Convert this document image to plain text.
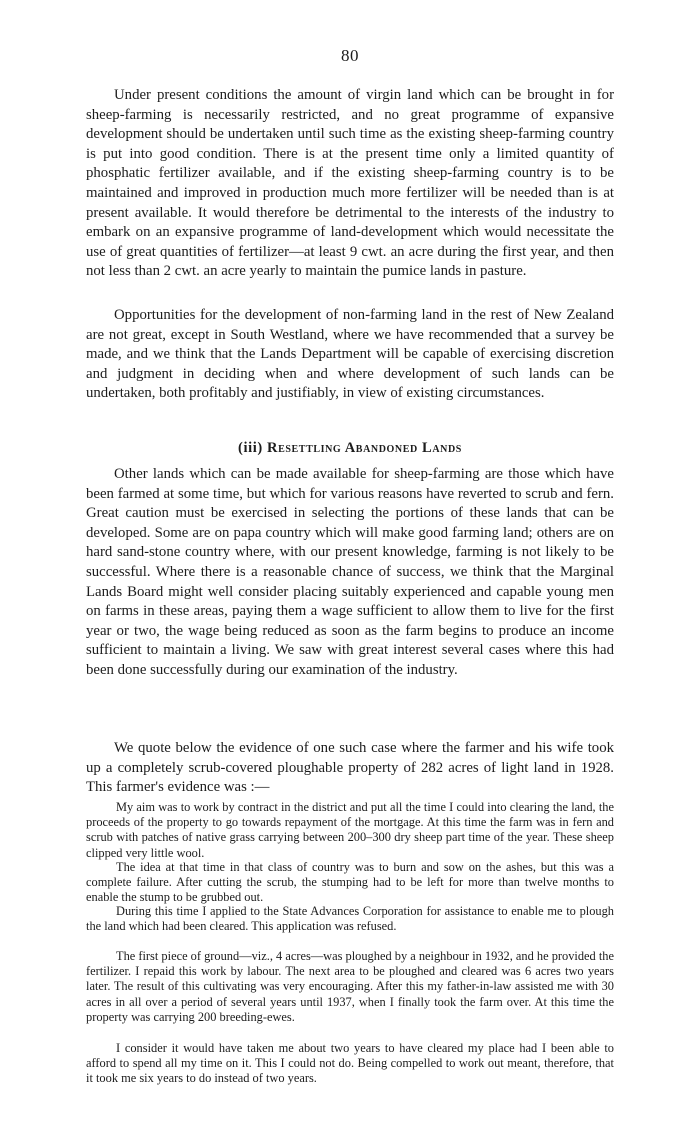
80

Under present conditions the amount of virgin land which can be brought in for sheep-farming is necessarily restricted, and no great programme of expansive development should be undertaken until such time as the existing sheep-farming country is put into good condition. There is at the present time only a limited quantity of phosphatic fertilizer available, and if the existing sheep-farming country is to be maintained and improved in production much more fertilizer will be needed than is at present available. It would therefore be detrimental to the interests of the industry to embark on an expansive programme of land-development which would necessitate the use of great quantities of fertilizer—at least 9 cwt. an acre during the first year, and then not less than 2 cwt. an acre yearly to maintain the pumice lands in pasture.

Opportunities for the development of non-farming land in the rest of New Zealand are not great, except in South Westland, where we have recommended that a survey be made, and we think that the Lands Department will be capable of exercising discretion and judgment in deciding when and where development of such lands can be undertaken, both profitably and justifiably, in view of existing circumstances.

(iii) Resettling Abandoned Lands

Other lands which can be made available for sheep-farming are those which have been farmed at some time, but which for various reasons have reverted to scrub and fern. Great caution must be exercised in selecting the portions of these lands that can be developed. Some are on papa country which will make good farming land; others are on hard sand-stone country where, with our present knowledge, farming is not likely to be successful. Where there is a reasonable chance of success, we think that the Marginal Lands Board might well consider placing suitably experienced and capable young men on farms in these areas, paying them a wage sufficient to allow them to live for the first year or two, the wage being reduced as soon as the farm begins to produce an income sufficient to maintain a living. We saw with great interest several cases where this had been done successfully during our examination of the industry.

We quote below the evidence of one such case where the farmer and his wife took up a completely scrub-covered ploughable property of 282 acres of light land in 1928. This farmer's evidence was :—

My aim was to work by contract in the district and put all the time I could into clearing the land, the proceeds of the property to go towards repayment of the mortgage. At this time the farm was in fern and scrub with patches of native grass carrying between 200–300 dry sheep part time of the year. These sheep clipped very little wool.

The idea at that time in that class of country was to burn and sow on the ashes, but this was a complete failure. After cutting the scrub, the stumping had to be left for more than twelve months to enable the stump to be grubbed out.

During this time I applied to the State Advances Corporation for assistance to enable me to plough the land which had been cleared. This application was refused.

The first piece of ground—viz., 4 acres—was ploughed by a neighbour in 1932, and he provided the fertilizer. I repaid this work by labour. The next area to be ploughed and cleared was 6 acres two years later. The result of this cultivating was very encouraging. After this my father-in-law assisted me with 30 acres in all over a period of several years until 1937, when I finally took the farm over. At this time the property was carrying 200 breeding-ewes.

I consider it would have taken me about two years to have cleared my place had I been able to afford to spend all my time on it. This I could not do. Being compelled to work out meant, therefore, that it took me six years to do instead of two years.
